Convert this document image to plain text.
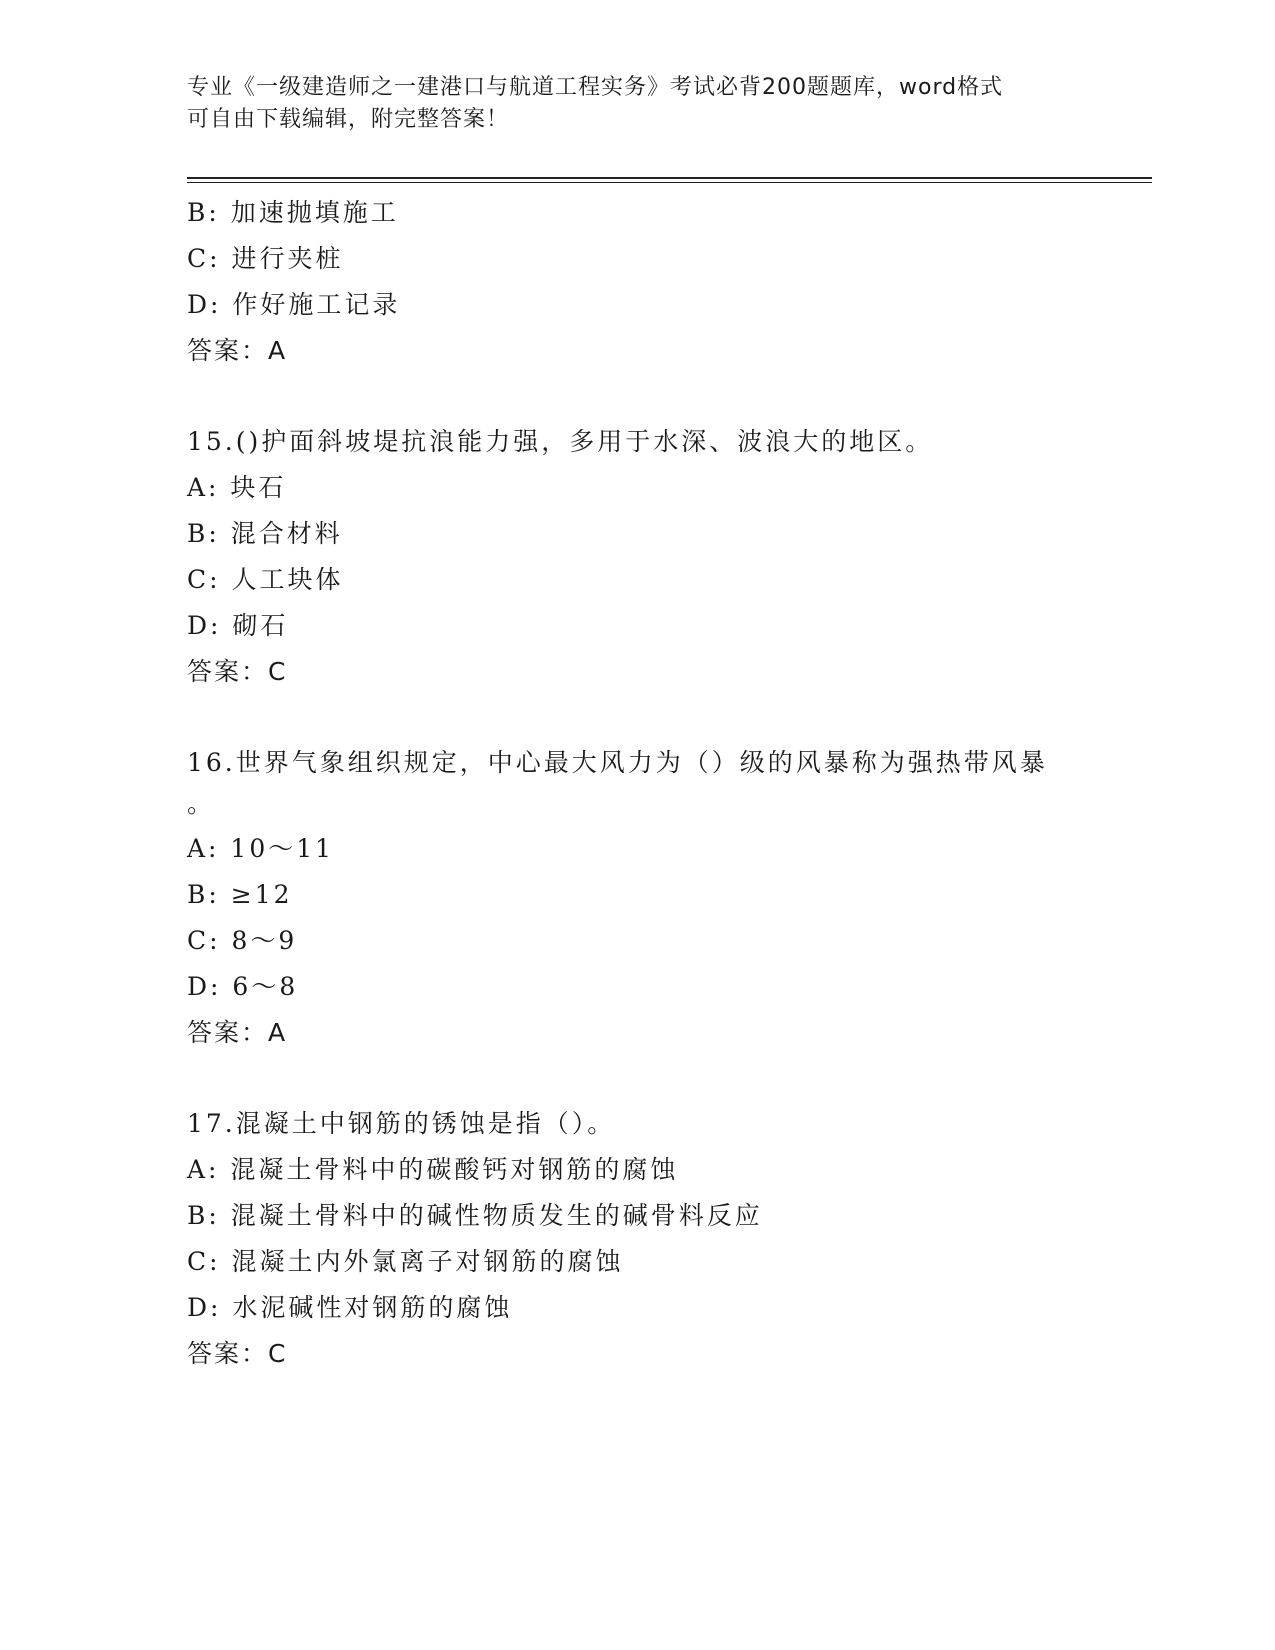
专业《一级建造师之一建港口与航道工程实务》考试必背200题题库，word格式
可自由下载编辑，附完整答案！
B: 加速抛填施工
C: 进行夹桩
D: 作好施工记录
答案：A
15.()护面斜坡堤抗浪能力强，多用于水深、波浪大的地区。
A: 块石
B: 混合材料
C: 人工块体
D: 砌石
答案：C
16.世界气象组织规定，中心最大风力为（）级的风暴称为强热带风暴
。
A: 10～11
B: ≥12
C: 8～9
D: 6～8
答案：A
17.混凝土中钢筋的锈蚀是指（）。
A: 混凝土骨料中的碳酸钙对钢筋的腐蚀
B: 混凝土骨料中的碱性物质发生的碱骨料反应
C: 混凝土内外氯离子对钢筋的腐蚀
D: 水泥碱性对钢筋的腐蚀
答案：C
